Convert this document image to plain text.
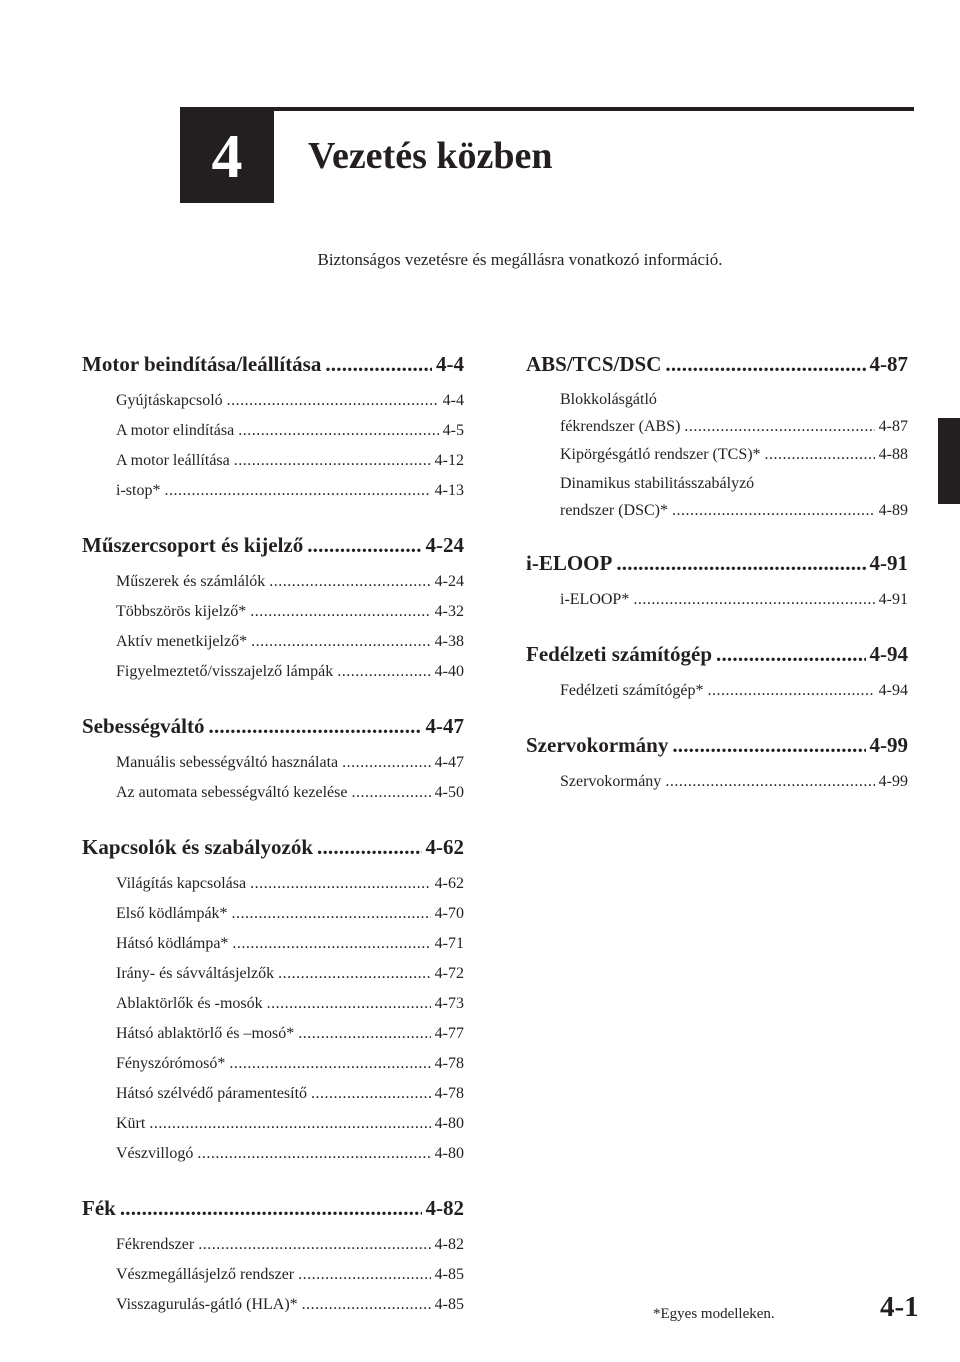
4 Vezetés közben
Biztonságos vezetésre és megállásra vonatkozó információ.
Motor beindítása/leállítása .....	4-4
Gyújtáskapcsoló .....	4-4
A motor elindítása .....	4-5
A motor leállítása .....	4-12
i-stop* .....	4-13
Műszercsoport és kijelző .....	4-24
Műszerek és számlálók .....	4-24
Többszörös kijelző* .....	4-32
Aktív menetkijelző* .....	4-38
Figyelmeztető/visszajelző lámpák .....	4-40
Sebességváltó .....	4-47
Manuális sebességváltó használata .....	4-47
Az automata sebességváltó kezelése .....	4-50
Kapcsolók és szabályozók .....	4-62
Világítás kapcsolása .....	4-62
Első ködlámpák* .....	4-70
Hátsó ködlámpa* .....	4-71
Irány- és sávváltásjelzők .....	4-72
Ablaktörlők és -mosók .....	4-73
Hátsó ablaktörlő és –mosó* .....	4-77
Fényszórómosó* .....	4-78
Hátsó szélvédő páramentesítő .....	4-78
Kürt .....	4-80
Vészvillogó .....	4-80
Fék .....	4-82
Fékrendszer .....	4-82
Vészmegállásjelző rendszer .....	4-85
Visszagurulás-gátló (HLA)* .....	4-85
ABS/TCS/DSC .....	4-87
Blokkolásgátló
fékrendszer (ABS) .....	4-87
Kipörgésgátló rendszer (TCS)* .....	4-88
Dinamikus stabilitásszabályzó
rendszer (DSC)* .....	4-89
i-ELOOP .....	4-91
i-ELOOP* .....	4-91
Fedélzeti számítógép .....	4-94
Fedélzeti számítógép* .....	4-94
Szervokormány .....	4-99
Szervokormány .....	4-99
*Egyes modelleken.	4-1
